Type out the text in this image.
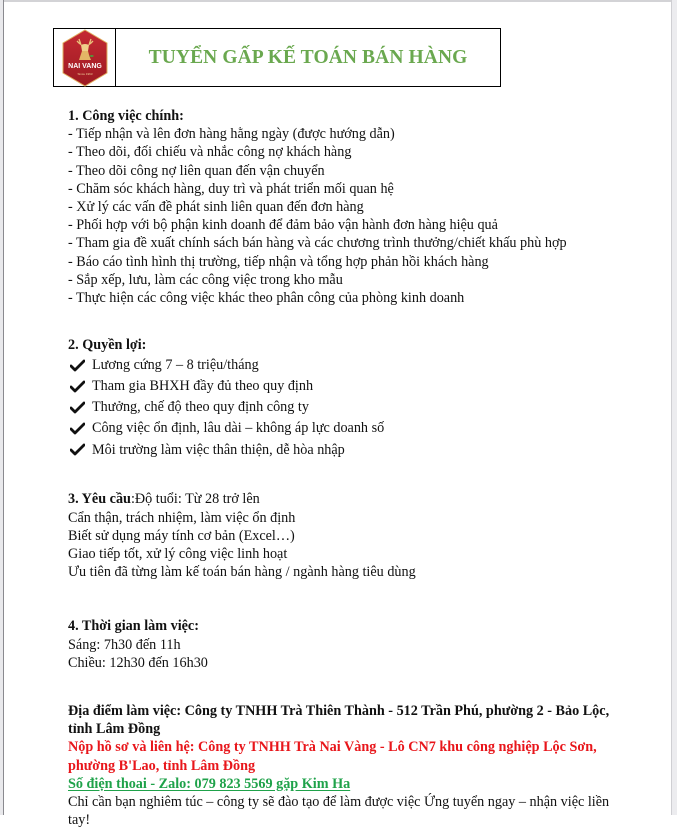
NAI VANG
Since 1963
TUYỂN GẤP KẾ TOÁN BÁN HÀNG
1. Công việc chính:
- Tiếp nhận và lên đơn hàng hằng ngày (được hướng dẫn)
- Theo dõi, đối chiếu và nhắc công nợ khách hàng
- Theo dõi công nợ liên quan đến vận chuyển
- Chăm sóc khách hàng, duy trì và phát triển mối quan hệ
- Xử lý các vấn đề phát sinh liên quan đến đơn hàng
- Phối hợp với bộ phận kinh doanh để đảm bảo vận hành đơn hàng hiệu quả
- Tham gia đề xuất chính sách bán hàng và các chương trình thưởng/chiết khấu phù hợp
- Báo cáo tình hình thị trường, tiếp nhận và tổng hợp phản hồi khách hàng
- Sắp xếp, lưu, làm các công việc trong kho mẫu
- Thực hiện các công việc khác theo phân công của phòng kinh doanh
2. Quyền lợi:
Lương cứng 7 – 8 triệu/tháng
Tham gia BHXH đầy đủ theo quy định
Thưởng, chế độ theo quy định công ty
Công việc ổn định, lâu dài – không áp lực doanh số
Môi trường làm việc thân thiện, dễ hòa nhập
3. Yêu cầu:Độ tuổi: Từ 28 trở lên
Cẩn thận, trách nhiệm, làm việc ổn định
Biết sử dụng máy tính cơ bản (Excel…)
Giao tiếp tốt, xử lý công việc linh hoạt
Ưu tiên đã từng làm kế toán bán hàng / ngành hàng tiêu dùng
4. Thời gian làm việc:
Sáng: 7h30 đến 11h
Chiều: 12h30 đến 16h30
Địa điểm làm việc: Công ty TNHH Trà Thiên Thành - 512 Trần Phú, phường 2 - Bảo Lộc, tỉnh Lâm Đồng
Nộp hồ sơ và liên hệ: Công ty TNHH Trà Nai Vàng - Lô CN7 khu công nghiệp Lộc Sơn, phường B'Lao, tỉnh Lâm Đồng
Số điện thoai - Zalo: 079 823 5569 gặp Kim Ha
Chỉ cần bạn nghiêm túc – công ty sẽ đào tạo để làm được việc Ứng tuyển ngay – nhận việc liền tay!
